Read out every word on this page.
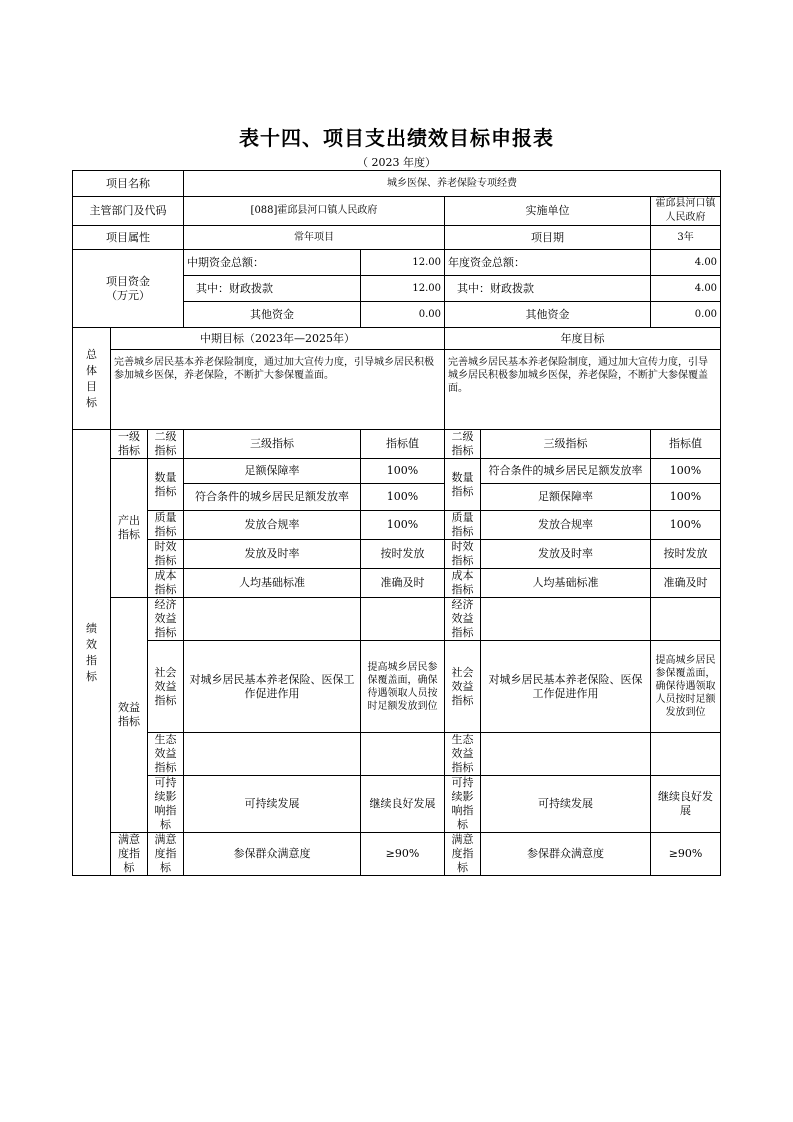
表十四、项目支出绩效目标申报表
（ 2023 年度）
项目名称			城乡医保、养老保险专项经费				
主管部门及代码			[088]霍邱县河口镇人民政府		实施单位		霍邱县河口镇人民政府
项目属性			常年项目		项目期		3年

项目资金（万元）			中期资金总额：	12.00	年度资金总额：		4.00
			其中：财政拨款	12.00	其中：财政拨款		4.00
			其他资金	0.00	其他资金		0.00

总体目标	中期目标（2023年—2025年）				年度目标		
	完善城乡居民基本养老保险制度，通过加大宣传力度，引导城乡居民积极参加城乡医保，养老保险，不断扩大参保覆盖面。				完善城乡居民基本养老保险制度，通过加大宣传力度，引导城乡居民积极参加城乡医保，养老保险，不断扩大参保覆盖面。		

绩效指标	一级指标	二级指标	三级指标	指标值	二级指标	三级指标	指标值
	产出指标	数量指标	足额保障率	100%	数量指标	符合条件的城乡居民足额发放率	100%
			符合条件的城乡居民足额发放率	100%		足额保障率	100%
		质量指标	发放合规率	100%	质量指标	发放合规率	100%
		时效指标	发放及时率	按时发放	时效指标	发放及时率	按时发放
		成本指标	人均基础标准	准确及时	成本指标	人均基础标准	准确及时
	效益指标	经济效益指标			经济效益指标		
		社会效益指标	对城乡居民基本养老保险、医保工作促进作用	提高城乡居民参保覆盖面，确保待遇领取人员按时足额发放到位	社会效益指标	对城乡居民基本养老保险、医保工作促进作用	提高城乡居民参保覆盖面，确保待遇领取人员按时足额发放到位
		生态效益指标			生态效益指标		
		可持续影响指标	可持续发展	继续良好发展	可持续影响指标	可持续发展	继续良好发展
	满意度指标	满意度指标	参保群众满意度	≥90%	满意度指标	参保群众满意度	≥90%
